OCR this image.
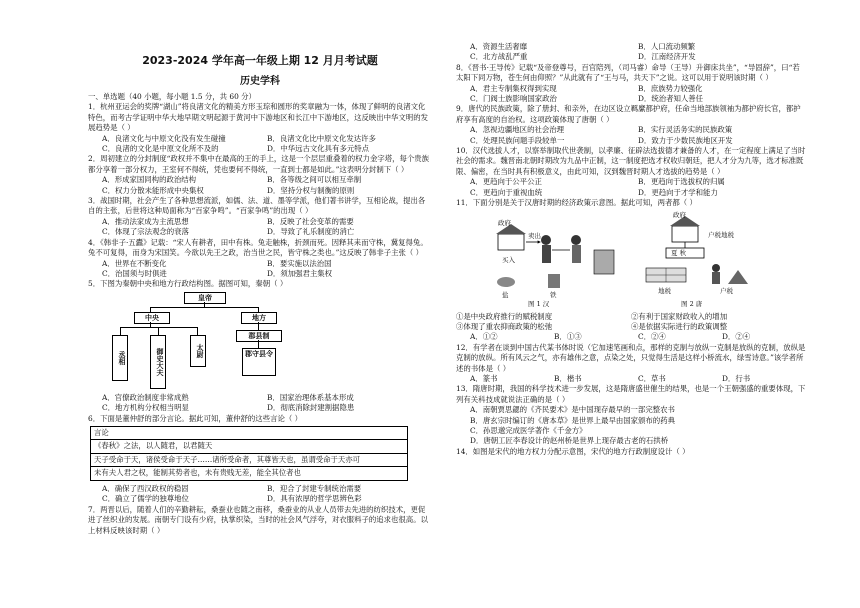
2023-2024 学年高一年级上期 12 月月考试题
历史学科

一、单选题（40 小题，每小题 1.5 分，共 60 分）

1．杭州亚运会的奖牌“湖山”将良渚文化的精美方形玉琮和圆形的奖章融为一体，体现了鲜明的良渚文化特色，而考古学证明中华大地早期文明起源于黄河中下游地区和长江中下游地区，这反映出中华文明的发展趋势是（ ）

A．良渚文化与中原文化没有发生碰撞	B．良渚文化比中原文化发达许多
C．良渚的文化是中原文化所不及的	D．中华远古文化具有多元特点

2．周初建立的分封制度“政权并不集中在最高的王的手上，这是一个层层重叠着的权力金字塔，每个贵族都分享着一部分权力，王室何不得统，凭也要何不得统，一直到士都是如此。”这表明分封制下（ ）

A．形成家国同构的政治结构	B．各等级之间可以相互牵制
C．权力分散未能形成中央集权	D．坚持分权与制衡的原则

3．战国时期，社会产生了各种思想流派，如儒、法、道、墨等学派，他们著书讲学，互相论战，提出各自的主张，后世将这种局面称为“百家争鸣”。“百家争鸣”的出现（ ）

A．推动法家成为主流思想	B．反映了社会变革的需要
C．体现了宗法观念的衰落	D．导致了礼乐制度的消亡

4．《韩非子·五蠹》记载：“宋人有耕者，田中有株。兔走触株，折颈而死。因释其耒而守株，冀复得兔。兔不可复得，而身为宋国笑。今欲以先王之政，治当世之民，皆守株之类也。”这反映了韩非子主张（ ）

A．世界在不断变化	B．要实施以法治国
C．治国须与时俱进	D．须加强君主集权

5．下图为秦朝中央和地方行政结构图。据图可知，秦朝（ ）

皇帝
中央	地方
丞相	御史大夫	太尉
郡县制
郡守县令
A．官僚政治制度非常成熟	B．国家治理体系基本形成
C．地方机构分权相当明显	D．彻底消除封建割据隐患

6．下面是董仲舒的部分言论。据此可知，董仲舒的这些言论（ ）

言论
《春秋》之法，以人随君，以君随天
天子受命于天，诸侯受命于天子……诸所受命者，其尊皆天也，虽谓受命于天亦可
未有夫人君之权，能制其势者也，未有贵贱无差，能全其位者也
A．确保了西汉政权的稳固	B．迎合了封建专制统治需要
C．确立了儒学的独尊地位	D．具有浓厚的哲学思辨色彩

7．两晋以后，随着人们的辛勤耕耘，桑蚕业也随之南移，桑蚕业的从业人员带去先进的纺织技术，更促进了丝织业的发展。南朝专门设有少府，执掌织染，当时的社会风气浮夸，对衣服料子的追求也很高。以上材料反映该时期（ ）

A．资源生活奢靡	B．人口流动频繁
C．北方战乱严重	D．江南经济开发

8．《晋书·王导传》记载“及帝登尊号，百官陪列，（司马睿）命导（王导）升御床共坐”，“导固辞”，曰“若太阳下同万物，苍生何由仰照？”从此就有了“王与马，共天下”之说。这可以用于说明该时期（ ）

A．君主专制集权得到实现	B．庶族势力较强化
C．门阀士族影响国家政治	D．统治者知人善任

9．唐代的民族政策，除了册封、和亲外，在边区设立羁縻都护府，任命当地部族领袖为都护府长官，都护府享有高度的自治权。这项政策体现了唐朝（ ）

A．忽视边疆地区的社会治理	B．实行灵活务实的民族政策
C．处理民族问题手段较单一	D．致力于少数民族地区开发

10．汉代选拔人才，以察举制取代世袭制，以孝廉、征辟法选拔德才兼备的人才，在一定程度上满足了当时社会的需求。魏晋南北朝时期改为九品中正制，这一制度把选才权收归朝廷，把人才分为九等，选才标准既限、偏密，在当时具有积极意义，由此可知，汉到魏晋时期人才选拔的趋势是（ ）

A．更趋向于公平公正	B．更趋向于选拔权的归属
C．更趋向于重视血统	D．更趋向于才学和能力

11．下面分别是关于汉唐时期的经济政策示意图。据此可知，两者都（ ）

政府
卖出
买入
盐	铁
政府
户税地税
夏 秋
地税	户税
图 1 汉	图 2 唐
①是中央政府推行的赋税制度	②有利于国家财政收入的增加
③体现了重农抑商政策的松弛	④是依据实际进行的政策调整
A．①②	B．①③	C．②④	D．②④

12．有学者在谈到中国古代某书体时说（它加速笔画和点，那样的克制与放纵一克制是放纵的克制，放纵是克制的放纵。所有风云之气，亦有雄伟之意，点染之处，只觉得生活是这样小桥流水，绿雪诗意。”该学者所述的书体是（ ）

A．篆书	B．楷书	C．草书	D．行书

13．隋唐时期，我国的科学技术进一步发展，这是隋唐盛世催生的结果，也是一个王朝强盛的重要体现，下列有关科技成就说法正确的是（ ）

A．南朝贾思勰的《齐民要术》是中国现存最早的一部完整农书
B．唐玄宗时编订的《唐本草》是世界上最早由国家颁布的药典
C．孙思邈完成医学著作《千金方》
D．唐朝工匠李春设计的赵州桥是世界上现存最古老的石拱桥

14．如图是宋代的地方权力分配示意图，宋代的地方行政制度设计（ ）
